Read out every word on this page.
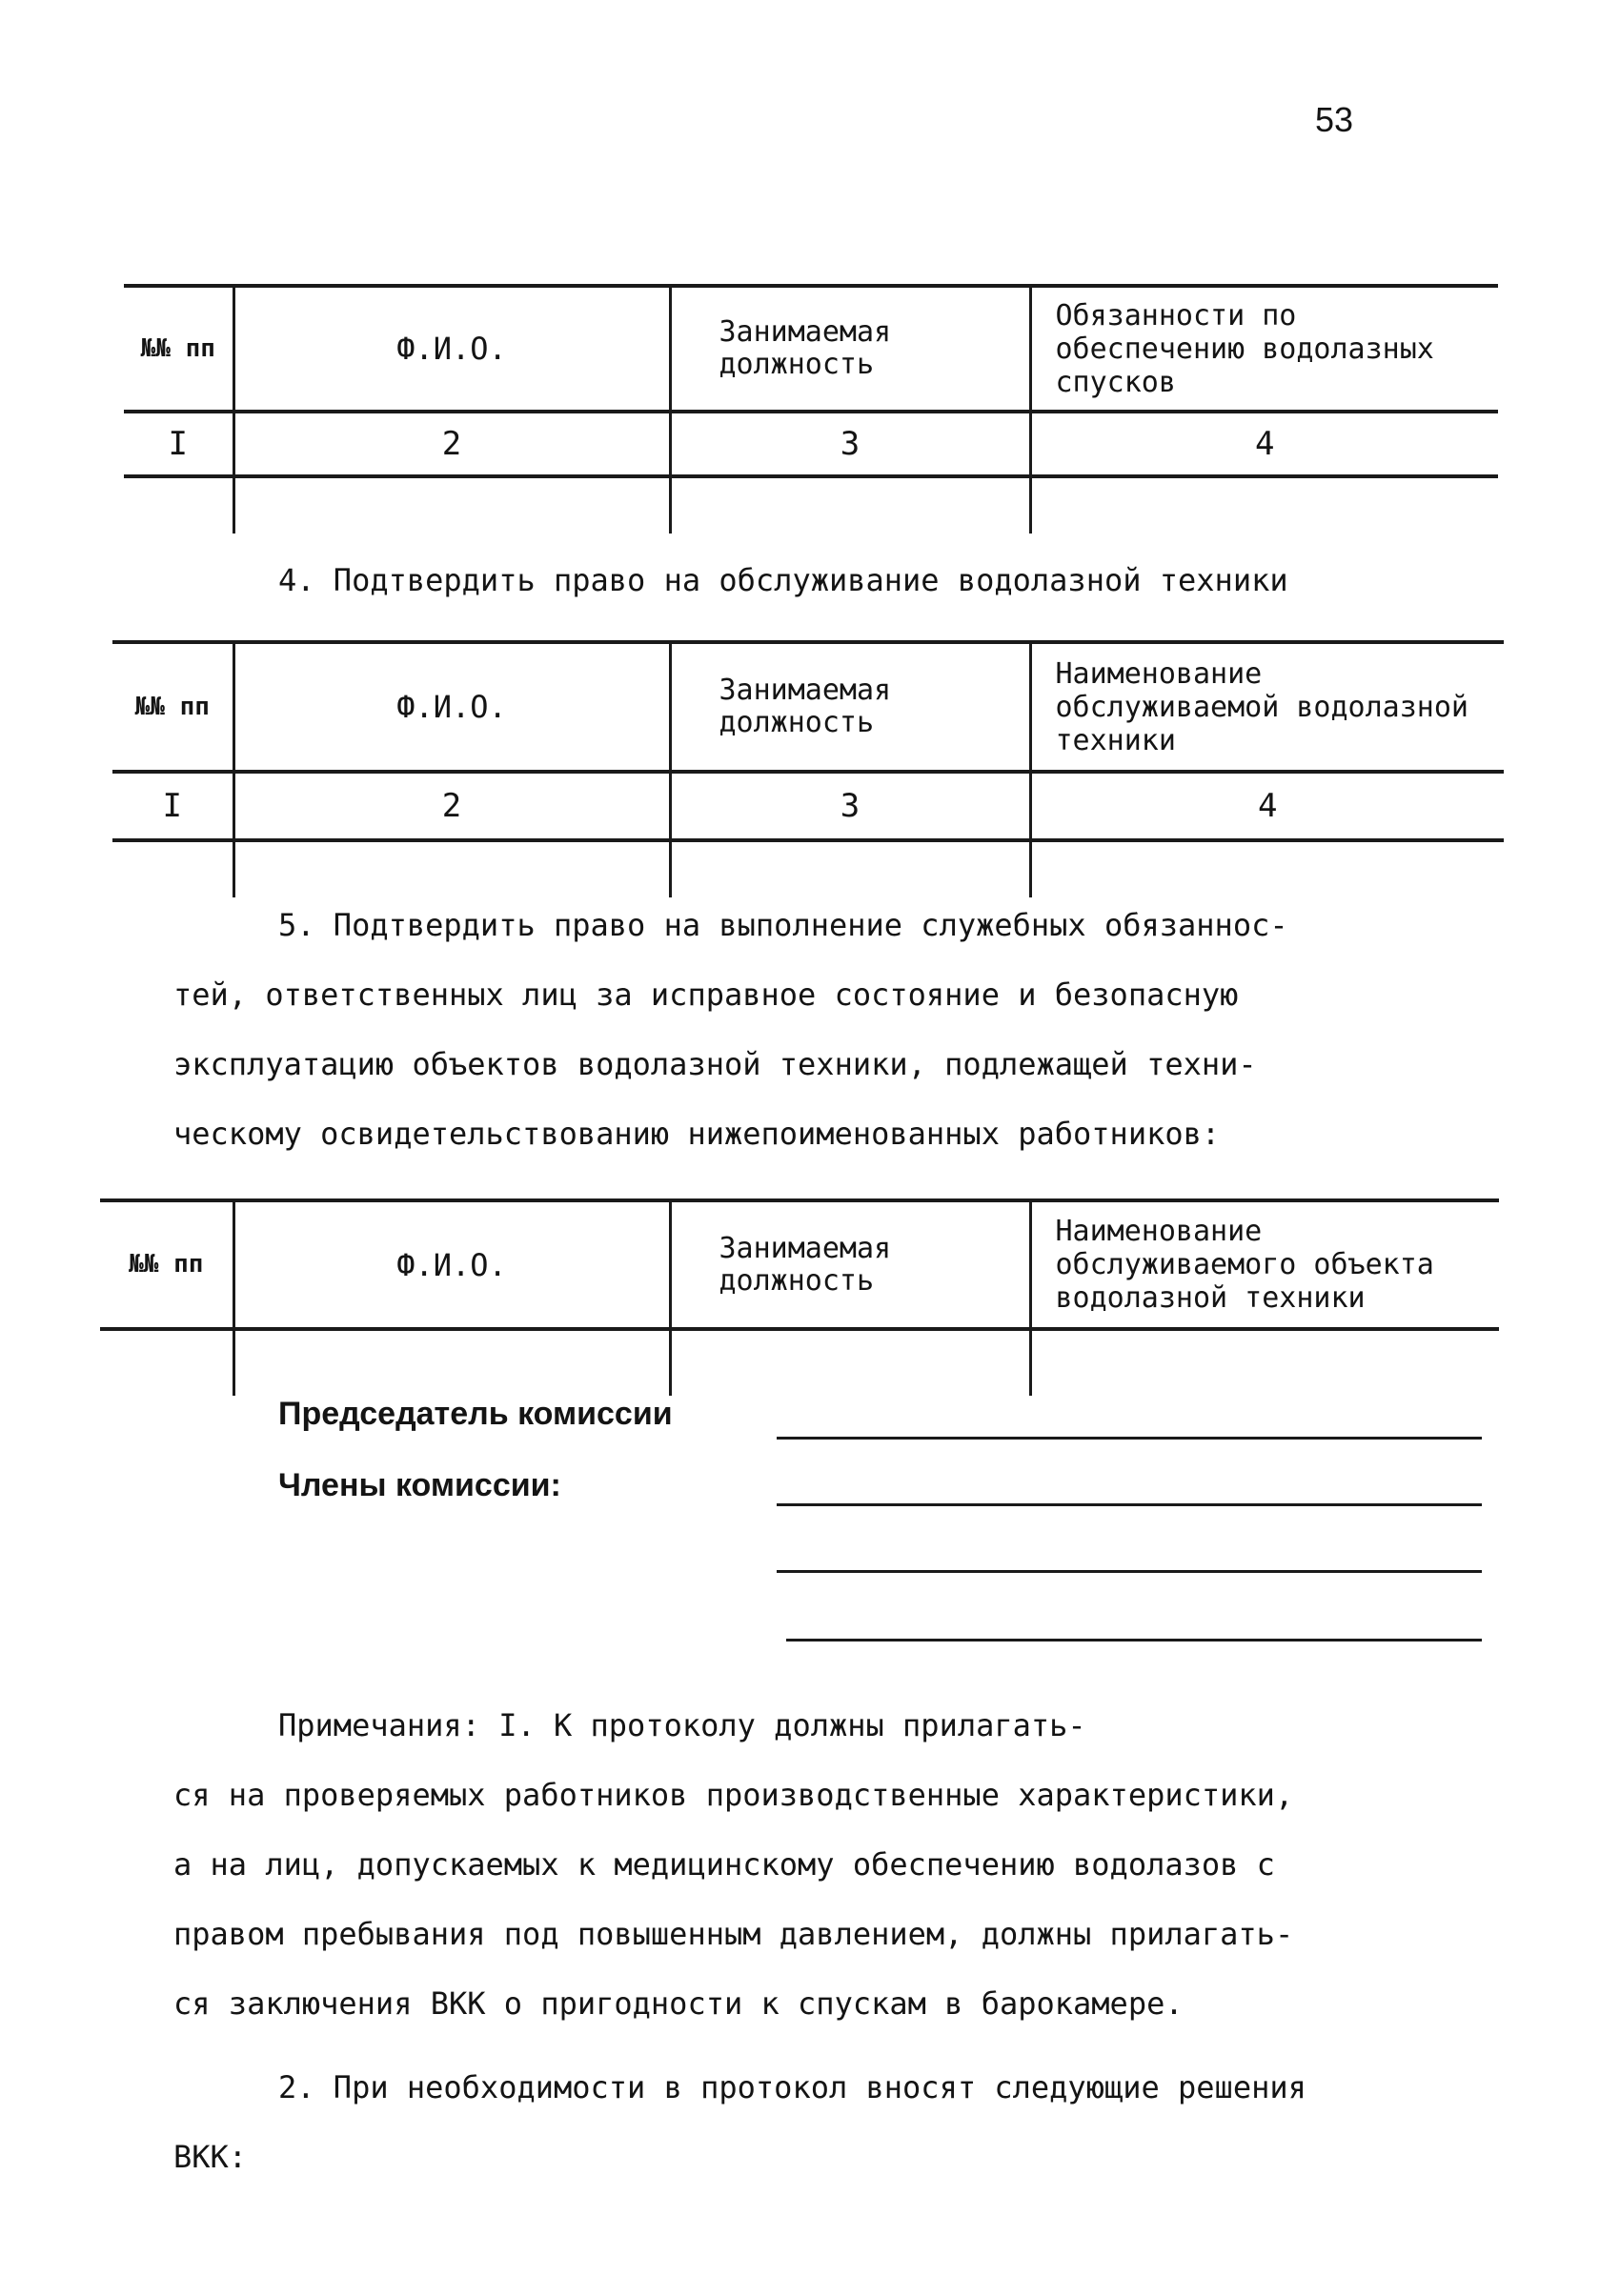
53
№№ пп	Ф.И.О.	Занимаемая должность	Обязанности по обеспечению водолазных спусков
I	2	3	4

4. Подтвердить право на обслуживание водолазной техники
№№ пп	Ф.И.О.	Занимаемая должность	Наименование обслуживаемой водолазной техники
I	2	3	4

5. Подтвердить право на выполнение служебных обязаннос-
тей, ответственных лиц за исправное состояние и безопасную
эксплуатацию объектов водолазной техники, подлежащей техни-
ческому освидетельствованию нижепоименованных работников:
№№ пп	Ф.И.О.	Занимаемая должность	Наименование обслуживаемого объекта водолазной техники

Председатель комиссии
Члены комиссии:
Примечания: I. К протоколу должны прилагать-
ся на проверяемых работников производственные характеристики,
а на лиц, допускаемых к медицинскому обеспечению водолазов с
правом пребывания под повышенным давлением, должны прилагать-
ся заключения ВКК о пригодности к спускам в барокамере.
2. При необходимости в протокол вносят следующие решения
ВКК:
